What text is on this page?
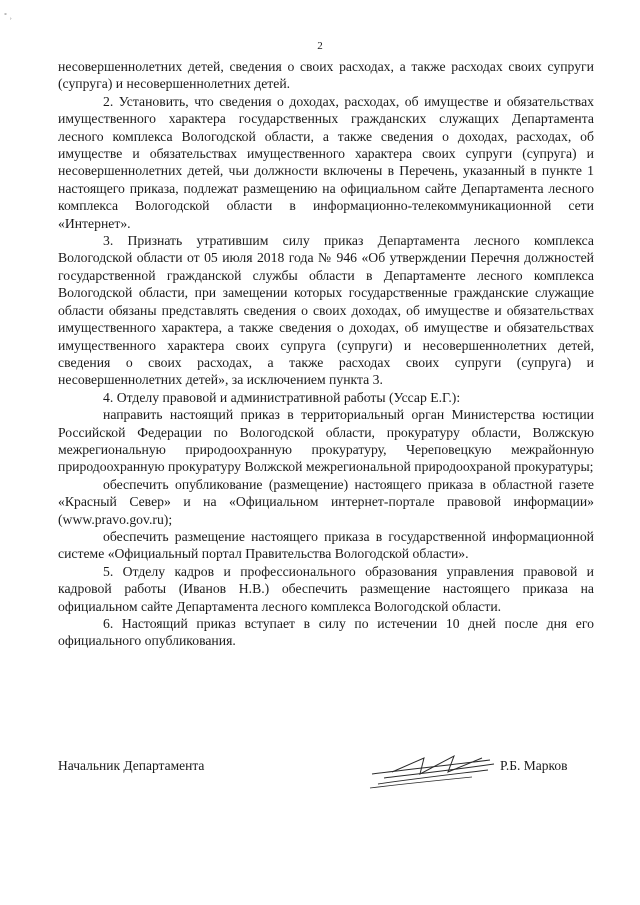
˚ ˒
2

несовершеннолетних детей, сведения о своих расходах, а также расходах своих супруги (супруга) и несовершеннолетних детей.

2. Установить, что сведения о доходах, расходах, об имуществе и обязательствах имущественного характера государственных гражданских служащих Департамента лесного комплекса Вологодской области, а также сведения о доходах, расходах, об имуществе и обязательствах имущественного характера своих супруги (супруга) и несовершеннолетних детей, чьи должности включены в Перечень, указанный в пункте 1 настоящего приказа, подлежат размещению на официальном сайте Департамента лесного комплекса Вологодской области в информационно-телекоммуникационной сети «Интернет».

3. Признать утратившим силу приказ Департамента лесного комплекса Вологодской области от 05 июля 2018 года № 946 «Об утверждении Перечня должностей государственной гражданской службы области в Департаменте лесного комплекса Вологодской области, при замещении которых государственные гражданские служащие области обязаны представлять сведения о своих доходах, об имуществе и обязательствах имущественного характера, а также сведения о доходах, об имуществе и обязательствах имущественного характера своих супруга (супруги) и несовершеннолетних детей, сведения о своих расходах, а также расходах своих супруги (супруга) и несовершеннолетних детей», за исключением пункта 3.

4. Отделу правовой и административной работы (Уссар Е.Г.):

направить настоящий приказ в территориальный орган Министерства юстиции Российской Федерации по Вологодской области, прокуратуру области, Волжскую межрегиональную природоохранную прокуратуру, Череповецкую межрайонную природоохранную прокуратуру Волжской межрегиональной природоохраной прокуратуры;

обеспечить опубликование (размещение) настоящего приказа в областной газете «Красный Север» и на «Официальном интернет-портале правовой информации» (www.pravo.gov.ru);

обеспечить размещение настоящего приказа в государственной информационной системе «Официальный портал Правительства Вологодской области».

5. Отделу кадров и профессионального образования управления правовой и кадровой работы (Иванов Н.В.) обеспечить размещение настоящего приказа на официальном сайте Департамента лесного комплекса Вологодской области.

6. Настоящий приказ вступает в силу по истечении 10 дней после дня его официального опубликования.

Начальник Департамента	Р.Б. Марков
